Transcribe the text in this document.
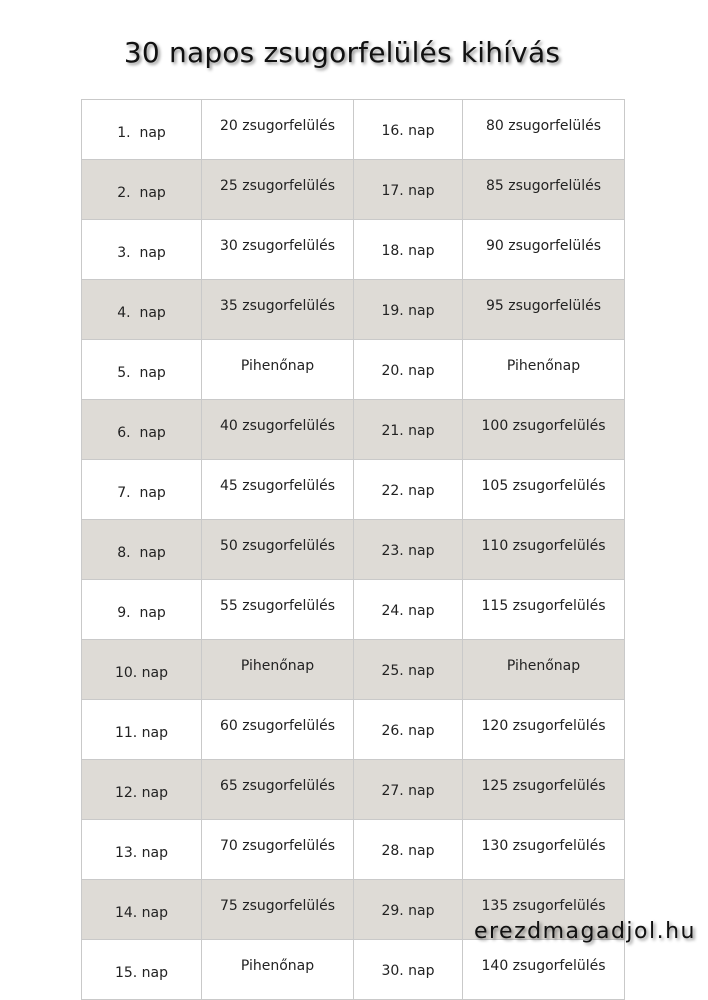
30 napos zsugorfelülés kihívás
1.  nap	20 zsugorfelülés	16. nap	80 zsugorfelülés
2.  nap	25 zsugorfelülés	17. nap	85 zsugorfelülés
3.  nap	30 zsugorfelülés	18. nap	90 zsugorfelülés
4.  nap	35 zsugorfelülés	19. nap	95 zsugorfelülés
5.  nap	Pihenőnap	20. nap	Pihenőnap
6.  nap	40 zsugorfelülés	21. nap	100 zsugorfelülés
7.  nap	45 zsugorfelülés	22. nap	105 zsugorfelülés
8.  nap	50 zsugorfelülés	23. nap	110 zsugorfelülés
9.  nap	55 zsugorfelülés	24. nap	115 zsugorfelülés
10. nap	Pihenőnap	25. nap	Pihenőnap
11. nap	60 zsugorfelülés	26. nap	120 zsugorfelülés
12. nap	65 zsugorfelülés	27. nap	125 zsugorfelülés
13. nap	70 zsugorfelülés	28. nap	130 zsugorfelülés
14. nap	75 zsugorfelülés	29. nap	135 zsugorfelülés
15. nap	Pihenőnap	30. nap	140 zsugorfelülés
erezdmagadjol.hu
